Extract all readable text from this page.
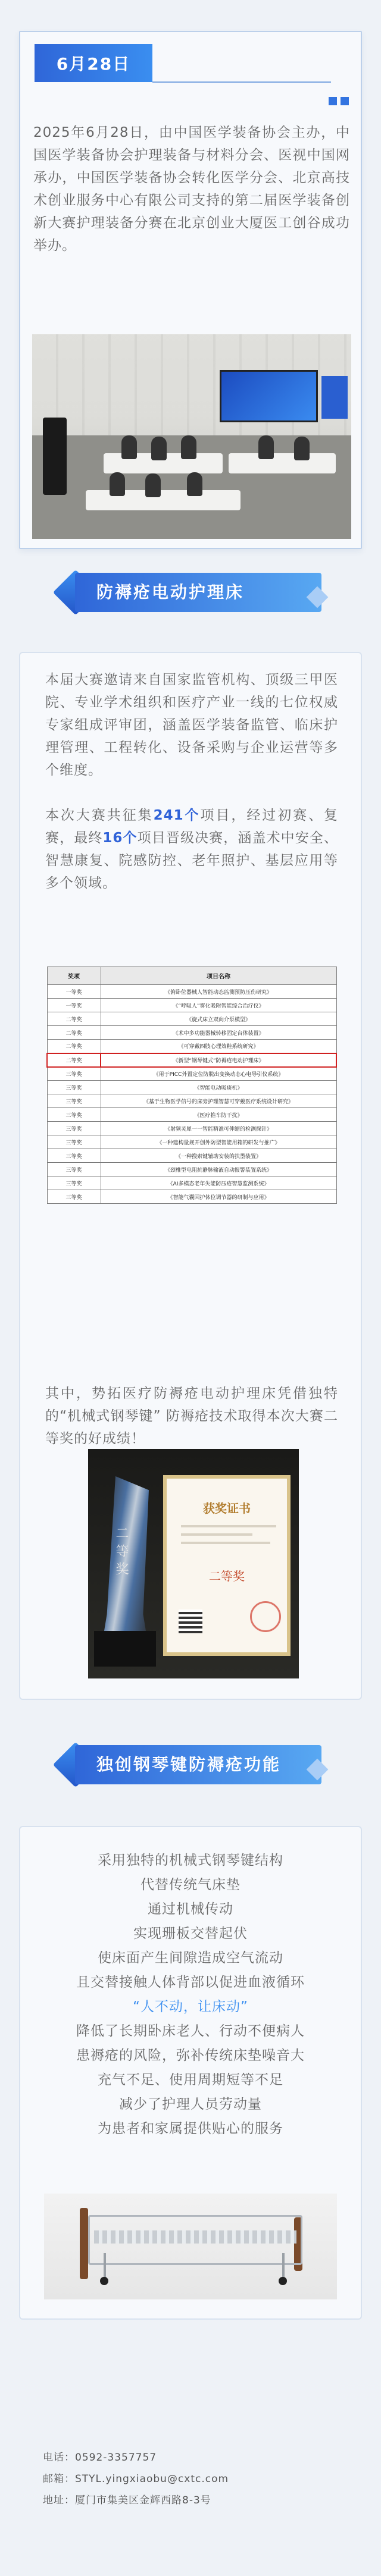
6月28日

2025年6月28日，由中国医学装备协会主办，中国医学装备协会护理装备与材料分会、医视中国网承办，中国医学装备协会转化医学分会、北京高技术创业服务中心有限公司支持的第二届医学装备创新大赛护理装备分赛在北京创业大厦医工创谷成功举办。

防褥疮电动护理床

本届大赛邀请来自国家监管机构、顶级三甲医院、专业学术组织和医疗产业一线的七位权威专家组成评审团，涵盖医学装备监管、临床护理管理、工程转化、设备采购与企业运营等多个维度。

本次大赛共征集241个项目，经过初赛、复赛，最终16个项目晋级决赛，涵盖术中安全、智慧康复、院感防控、老年照护、基层应用等多个领域。

奖项	项目名称
一等奖	《俯卧位器械人智能动态监测预防压伤研究》
一等奖	《“呼吸人”雾化吸附智能综合治疗仪》
二等奖	《旋式床立双向介泵模型》
二等奖	《术中多功能器械转移固定台体装置》
二等奖	《可穿戴四肢心理效鞋系统研究》
二等奖	《新型“钢琴键式”防褥疮电动护理床》
三等奖	《用于PICC外置定位防脱出变换动态心电导引仪系统》
三等奖	《智能电动吸痰机》
三等奖	《基于生物医学信号的床旁护理智慧可穿戴医疗系统设计研究》
三等奖	《医疗推车防干扰》
三等奖	《射频灵犀一一智能精准可伸缩的检测探针》
三等奖	《一种建构量规开创外防型智能用箱的研发与推广》
三等奖	《一种搜索键辅助安装的扶墨装置》
三等奖	《颈椎型电阻抗静脉输液自动报警装置系统》
三等奖	《AI多模态老年失能防压疮智慧监测系统》
三等奖	《智能气囊回护体位调节器的研制与应用》

其中，势拓医疗防褥疮电动护理床凭借独特的“机械式钢琴键” 防褥疮技术取得本次大赛二等奖的好成绩！

二等奖
获奖证书
二等奖
独创钢琴键防褥疮功能
采用独特的机械式钢琴键结构
代替传统气床垫
通过机械传动
实现珊板交替起伏
使床面产生间隙造成空气流动
且交替接触人体背部以促进血液循环
“人不动，让床动”
降低了长期卧床老人、行动不便病人
患褥疮的风险，弥补传统床垫噪音大
充气不足、使用周期短等不足
减少了护理人员劳动量
为患者和家属提供贴心的服务
电话：0592-3357757
邮箱：STYL.yingxiaobu@cxtc.com
地址：厦门市集美区金辉西路8-3号
